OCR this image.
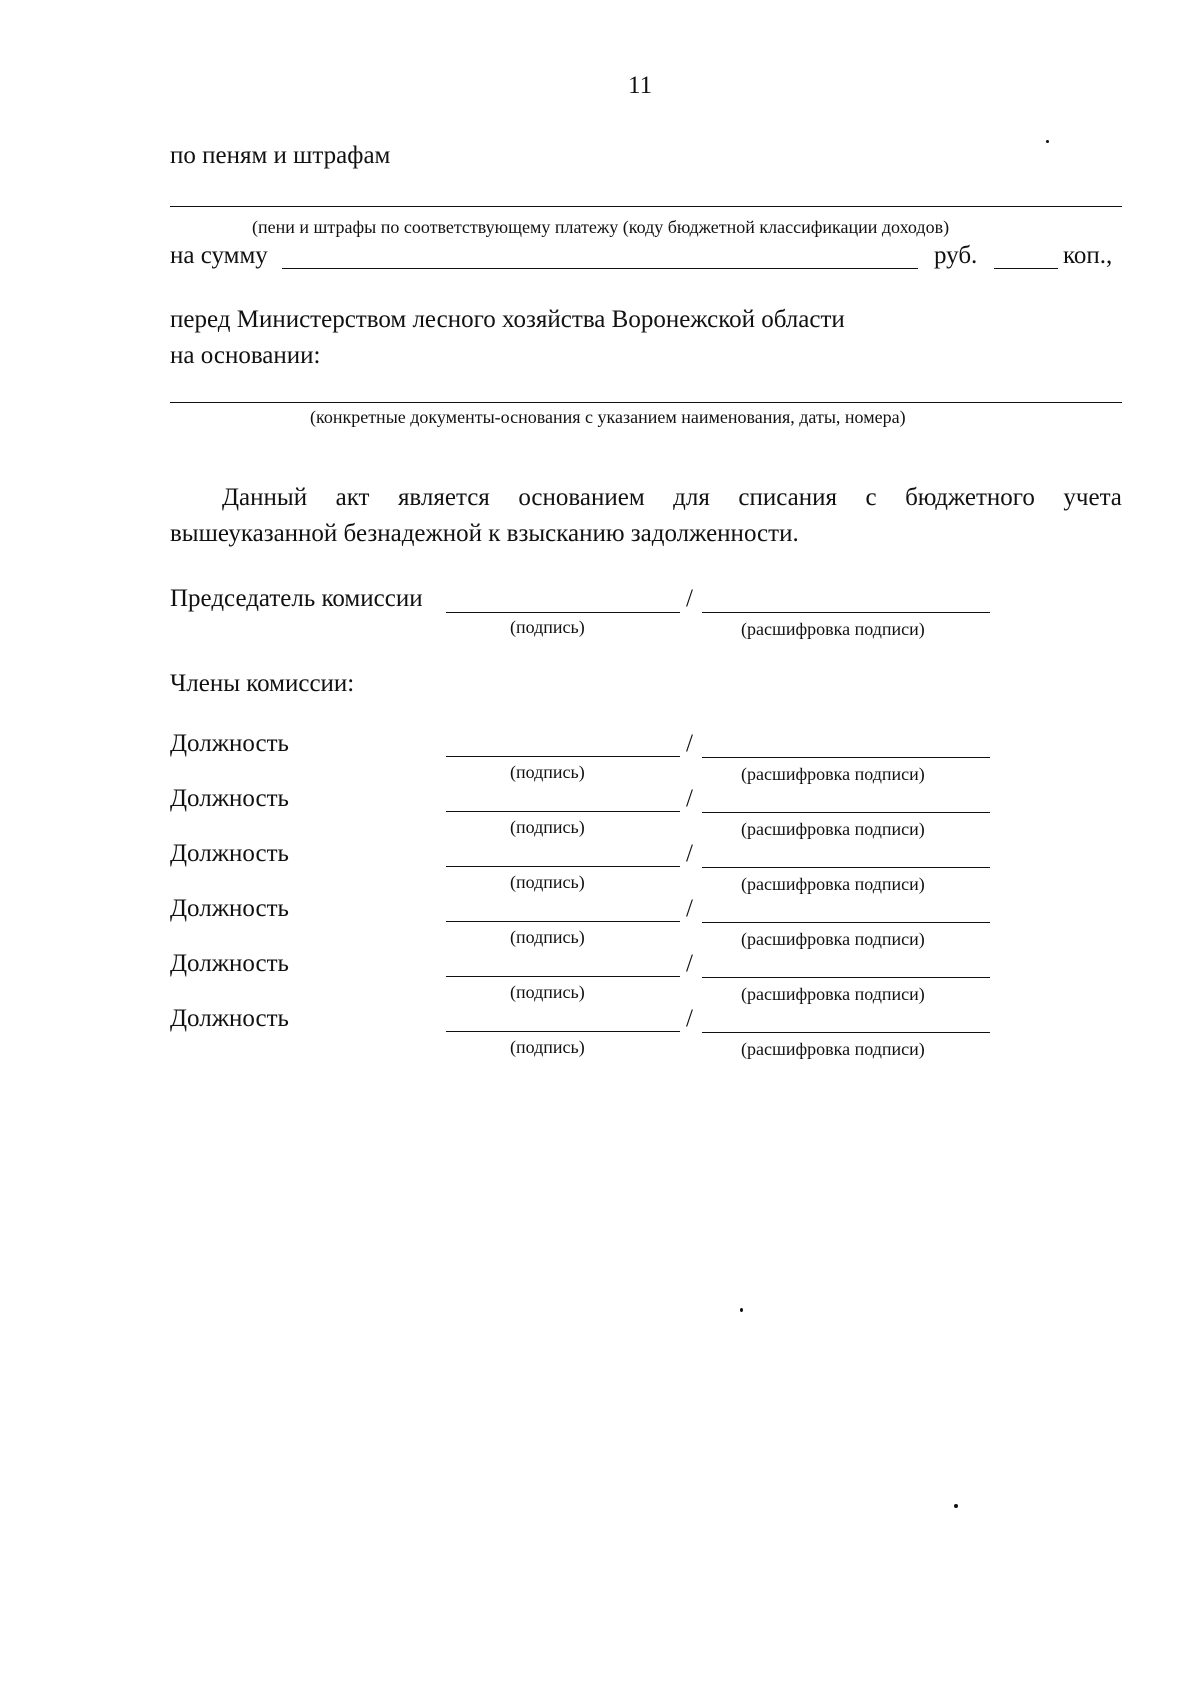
11
по пеням и штрафам
(пени и штрафы по соответствующему платежу (коду бюджетной классификации доходов)
на сумму	руб.	коп.,
перед Министерством лесного хозяйства Воронежской области
на основании:
(конкретные документы-основания с указанием наименования, даты, номера)
Данный акт является основанием для списания с бюджетного учета
вышеуказанной безнадежной к взысканию задолженности.
Председатель комиссии	/
(подпись)	(расшифровка подписи)
Члены комиссии:
Должность	/
(подпись)	(расшифровка подписи)
Должность	/
(подпись)	(расшифровка подписи)
Должность	/
(подпись)	(расшифровка подписи)
Должность	/
(подпись)	(расшифровка подписи)
Должность	/
(подпись)	(расшифровка подписи)
Должность	/
(подпись)	(расшифровка подписи)
